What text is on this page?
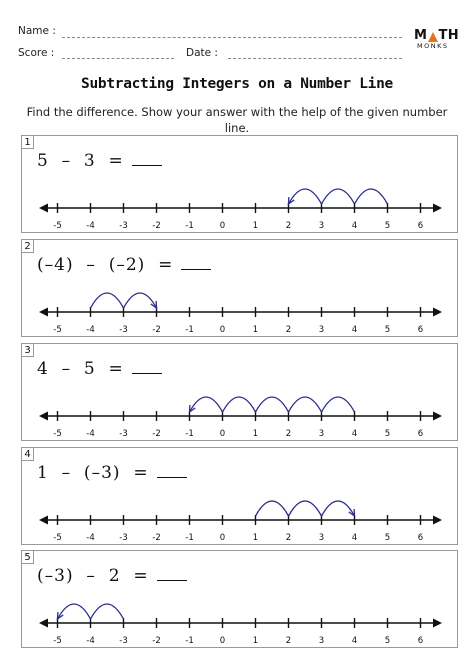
Name :
Score :	Date :
M TH
MONKS
Subtracting Integers on a Number Line
Find the difference. Show your answer with the help of the given number line.
1
5  –  3  =
-5	-4	-3	-2	-1	0	1	2	3	4	5	6
2
(–4)  –  (–2)  =
-5	-4	-3	-2	-1	0	1	2	3	4	5	6
3
4  –  5  =
-5	-4	-3	-2	-1	0	1	2	3	4	5	6
4
1  –  (–3)  =
-5	-4	-3	-2	-1	0	1	2	3	4	5	6
5
(–3)  –  2  =
-5	-4	-3	-2	-1	0	1	2	3	4	5	6
